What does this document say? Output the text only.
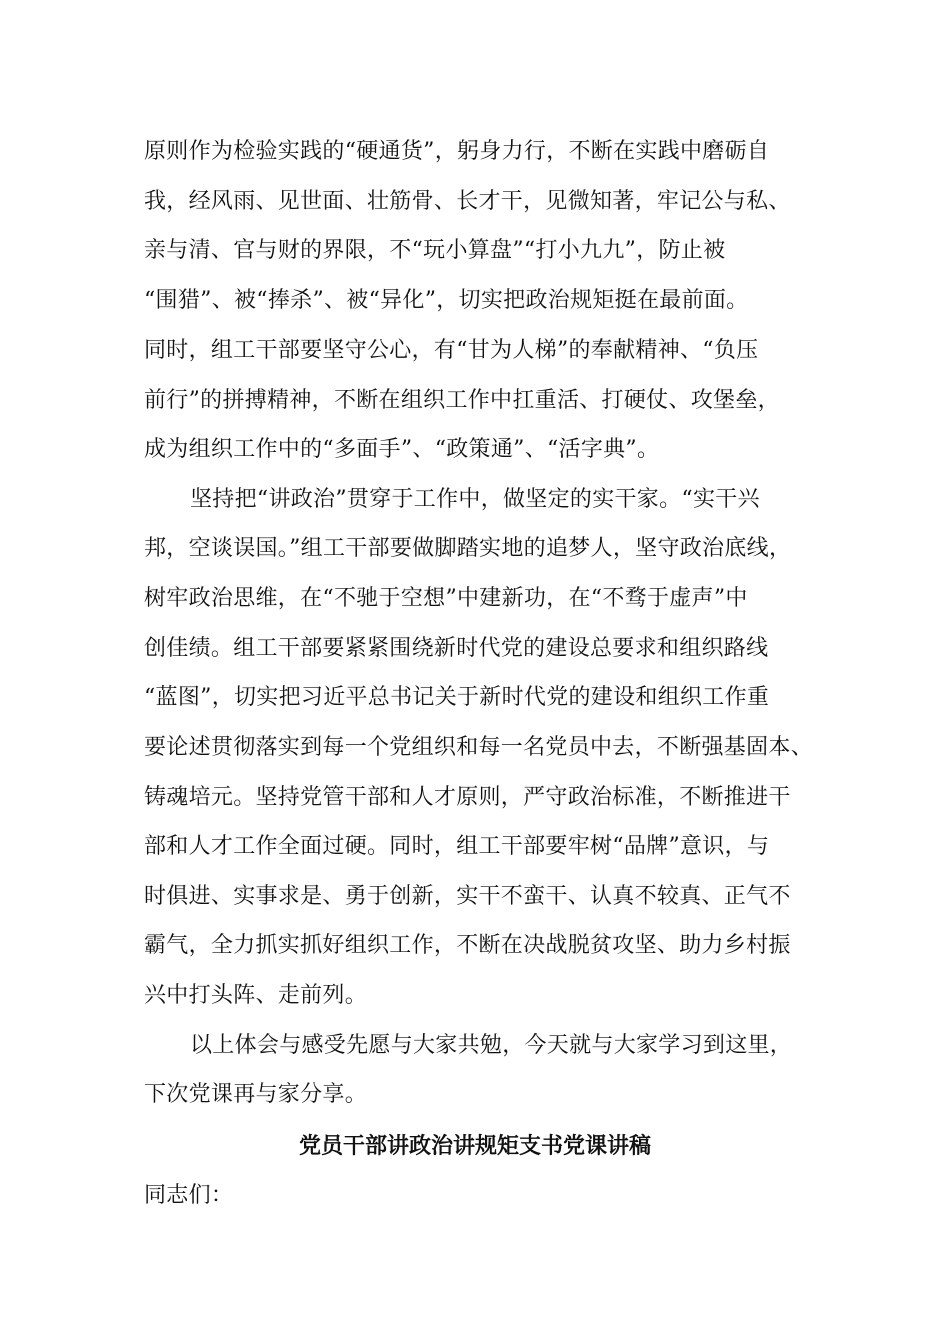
原则作为检验实践的“硬通货”，躬身力行，不断在实践中磨砺自
我，经风雨、见世面、壮筋骨、长才干，见微知著，牢记公与私、
亲与清、官与财的界限，不“玩小算盘”“打小九九”，防止被
“围猎”、被“捧杀”、被“异化”，切实把政治规矩挺在最前面。
同时，组工干部要坚守公心，有“甘为人梯”的奉献精神、“负压
前行”的拼搏精神，不断在组织工作中扛重活、打硬仗、攻堡垒，
成为组织工作中的“多面手”、“政策通”、“活字典”。
坚持把“讲政治”贯穿于工作中，做坚定的实干家。“实干兴
邦，空谈误国。”组工干部要做脚踏实地的追梦人，坚守政治底线，
树牢政治思维，在“不驰于空想”中建新功，在“不骛于虚声”中
创佳绩。组工干部要紧紧围绕新时代党的建设总要求和组织路线
“蓝图”，切实把习近平总书记关于新时代党的建设和组织工作重
要论述贯彻落实到每一个党组织和每一名党员中去，不断强基固本、
铸魂培元。坚持党管干部和人才原则，严守政治标准，不断推进干
部和人才工作全面过硬。同时，组工干部要牢树“品牌”意识，与
时俱进、实事求是、勇于创新，实干不蛮干、认真不较真、正气不
霸气，全力抓实抓好组织工作，不断在决战脱贫攻坚、助力乡村振
兴中打头阵、走前列。
以上体会与感受先愿与大家共勉，今天就与大家学习到这里，
下次党课再与家分享。
党员干部讲政治讲规矩支书党课讲稿
同志们：
